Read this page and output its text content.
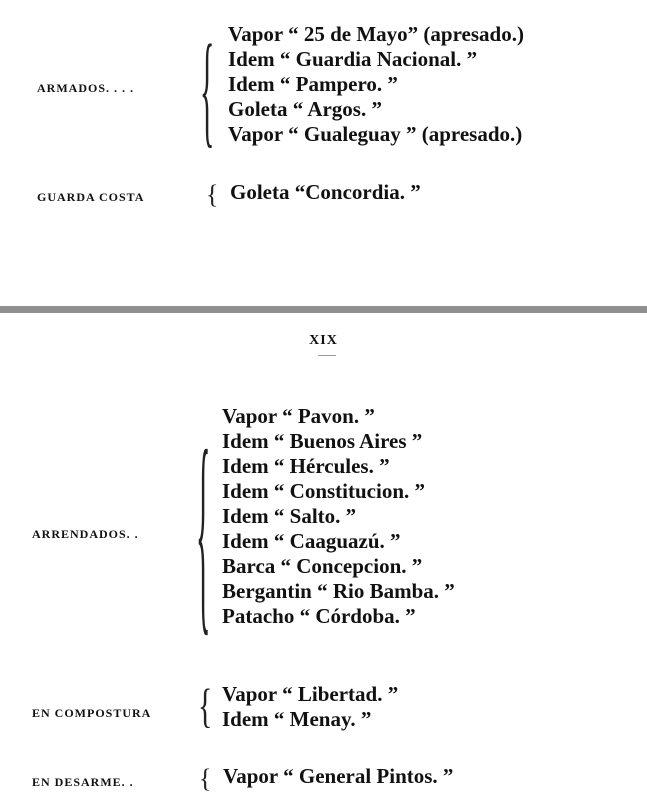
ARMADOS. . . . { Vapor “ 25 de Mayo” (apresado.)
Idem “ Guardia Nacional. ”
Idem “ Pampero. ”
Goleta “ Argos. ”
Vapor “ Gualeguay ” (apresado.)
GUARDA COSTA { Goleta “Concordia. ”
XIX
ARRENDADOS. . { Vapor “ Pavon. ”
Idem “ Buenos Aires ”
Idem “ Hércules. ”
Idem “ Constitucion. ”
Idem “ Salto. ”
Idem “ Caaguazú. ”
Barca “ Concepcion. ”
Bergantin “ Rio Bamba. ”
Patacho “ Córdoba. ”
EN COMPOSTURA { Vapor “ Libertad. ”
Idem “ Menay. ”
EN DESARME. .	{ Vapor “ General Pintos. ”
